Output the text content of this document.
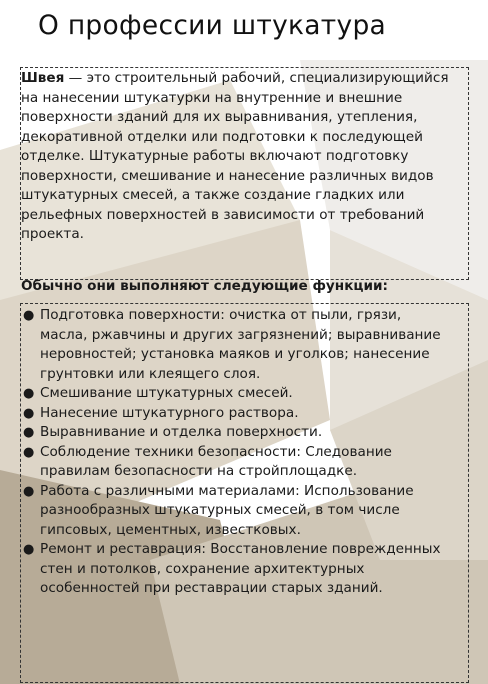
О профессии штукатура
Швея — это строительный рабочий, специализирующийся на нанесении штукатурки на внутренние и внешние поверхности зданий для их выравнивания, утепления, декоративной отделки или подготовки к последующей отделке. Штукатурные работы включают подготовку поверхности, смешивание и нанесение различных видов штукатурных смесей, а также создание гладких или рельефных поверхностей в зависимости от требований проекта.
Обычно они выполняют следующие функции:
● Подготовка поверхности: очистка от пыли, грязи, масла, ржавчины и других загрязнений; выравнивание неровностей; установка маяков и уголков; нанесение грунтовки или клеящего слоя.
● Смешивание штукатурных смесей.
● Нанесение штукатурного раствора.
● Выравнивание и отделка поверхности.
● Соблюдение техники безопасности: Следование правилам безопасности на стройплощадке.
● Работа с различными материалами: Использование разнообразных штукатурных смесей, в том числе гипсовых, цементных, известковых.
● Ремонт и реставрация: Восстановление поврежденных стен и потолков, сохранение архитектурных особенностей при реставрации старых зданий.
